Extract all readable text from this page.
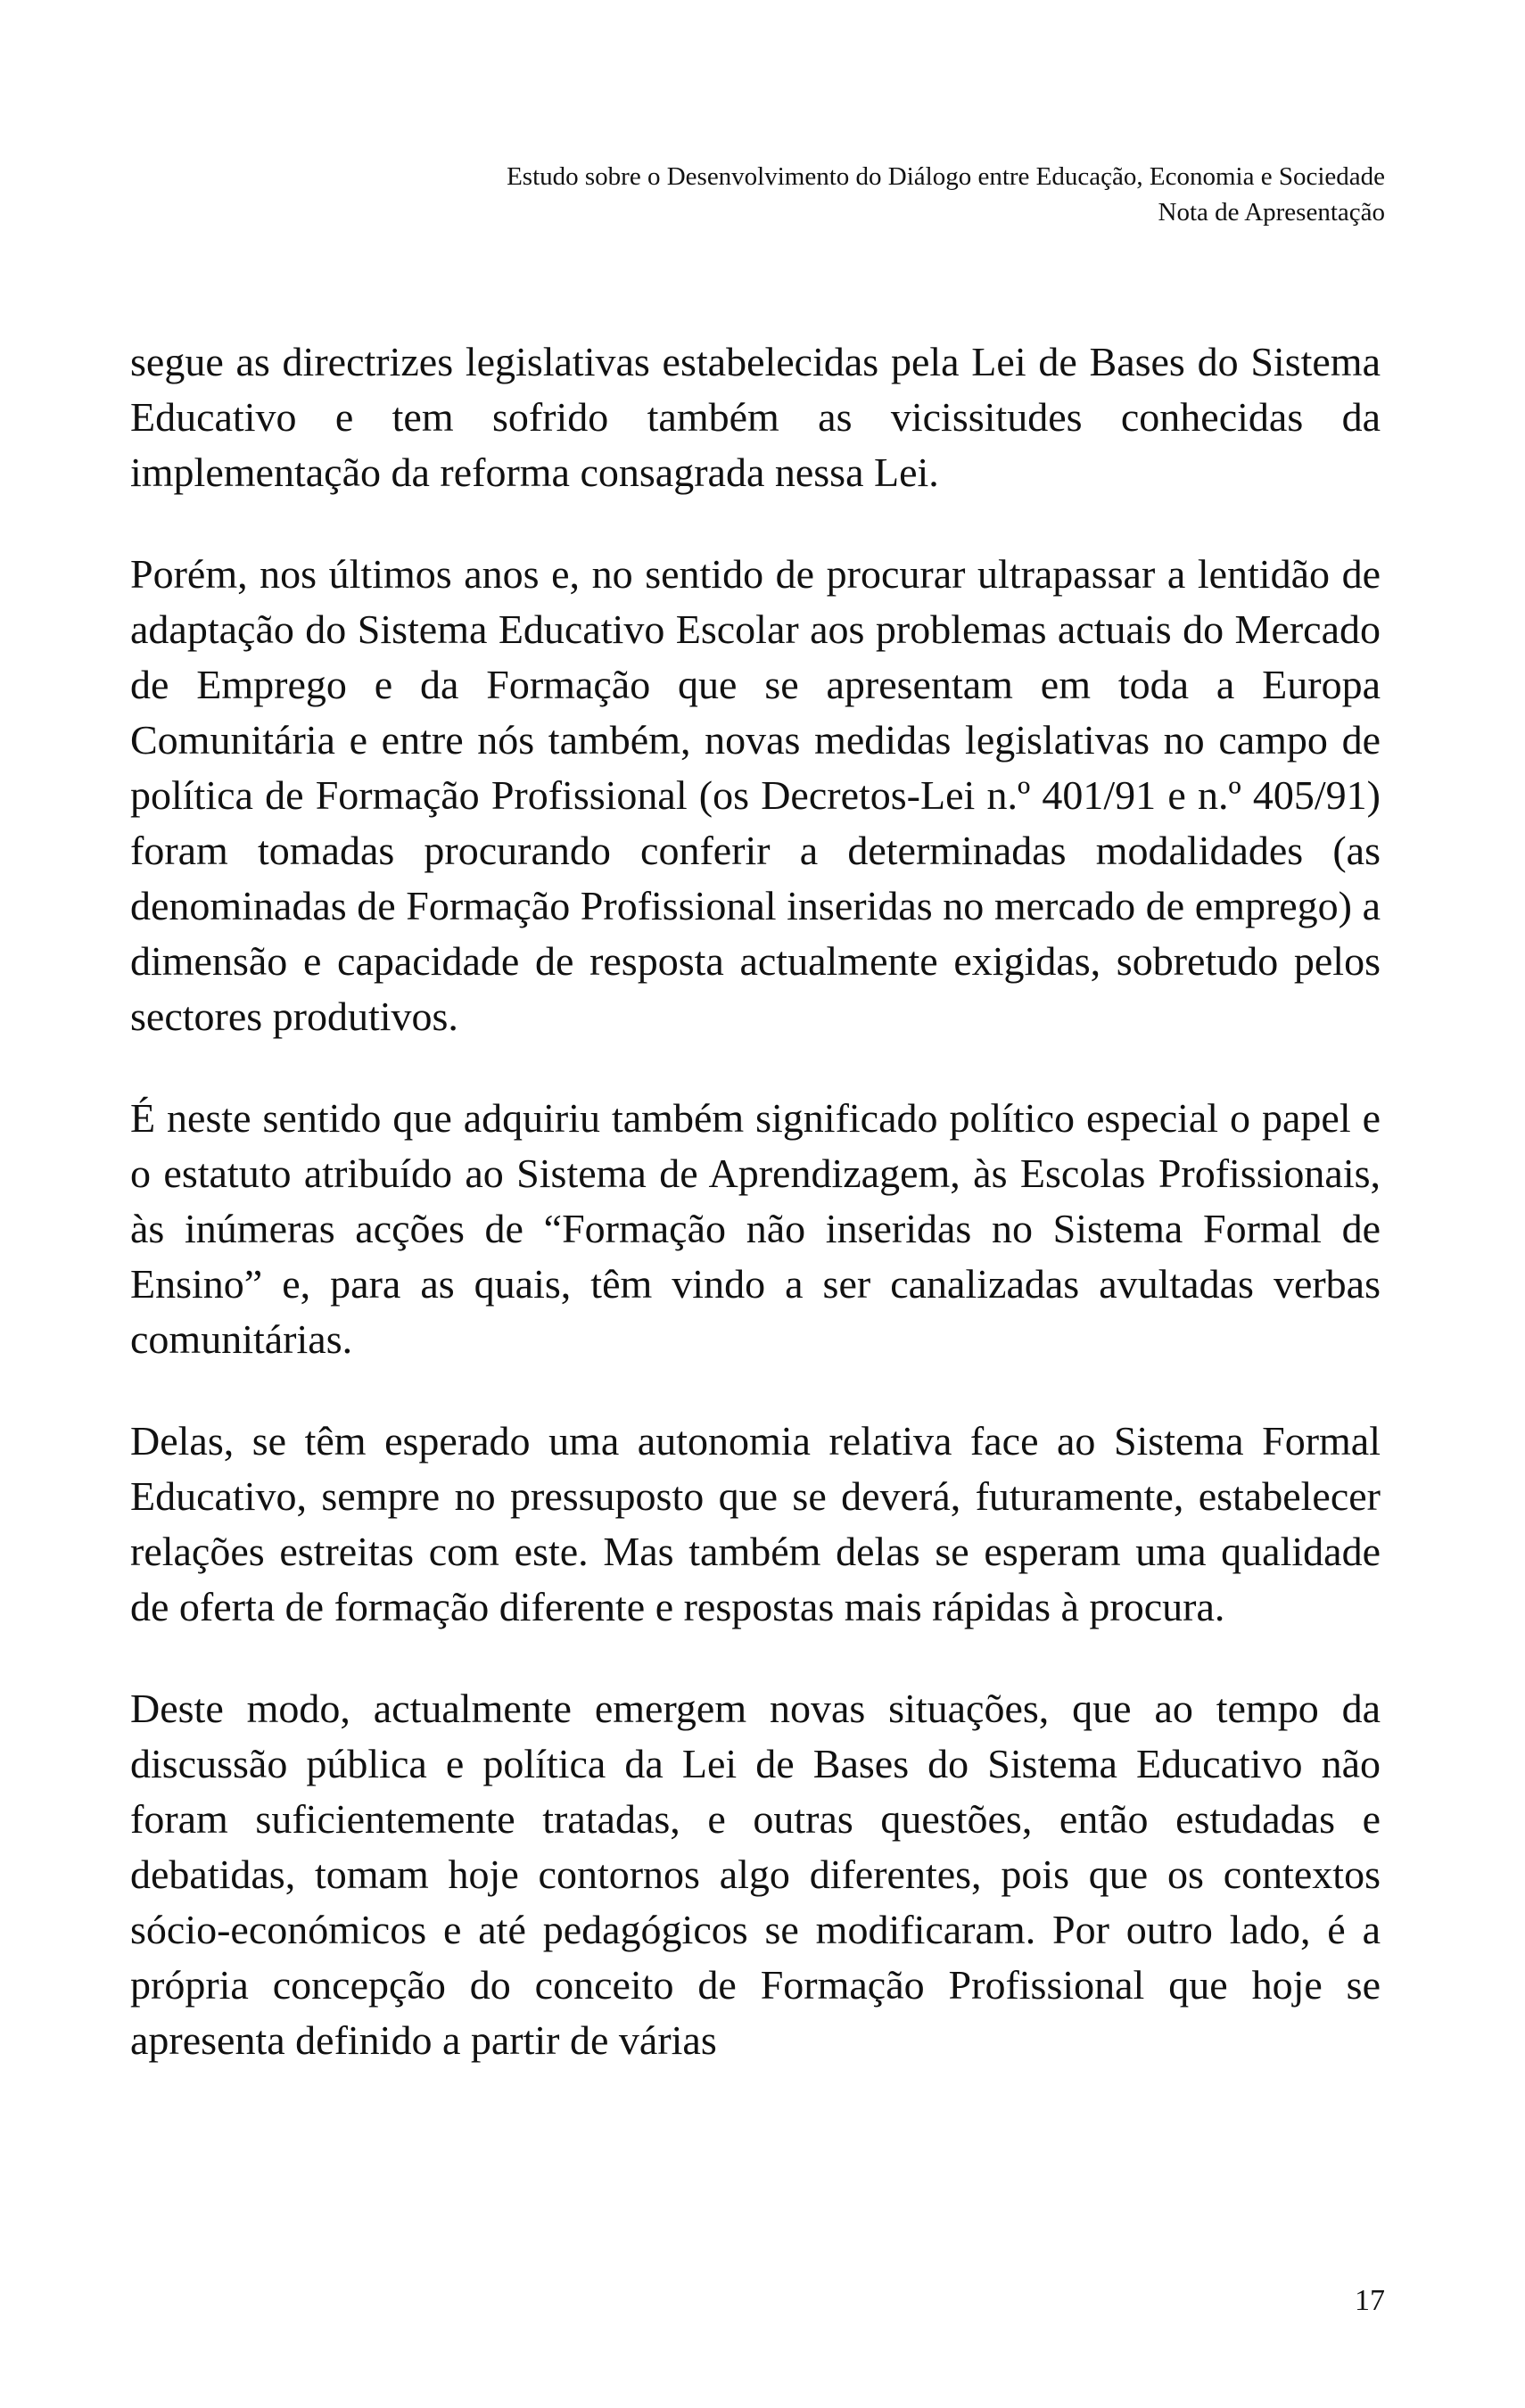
Estudo sobre o Desenvolvimento do Diálogo entre Educação, Economia e Sociedade
Nota de Apresentação

segue as directrizes legislativas estabelecidas pela Lei de Bases do Sistema Educativo e tem sofrido também as vicissitudes conhecidas da implementação da reforma consagrada nessa Lei.

Porém, nos últimos anos e, no sentido de procurar ultrapassar a lentidão de adaptação do Sistema Educativo Escolar aos problemas actuais do Mercado de Emprego e da Formação que se apresentam em toda a Europa Comunitária e entre nós também, novas medidas legislativas no campo de política de Formação Profissional (os Decretos-Lei n.º 401/91 e n.º 405/91) foram tomadas procurando conferir a determinadas modalidades (as denominadas de Formação Profissional inseridas no mercado de emprego) a dimensão e capacidade de resposta actualmente exigidas, sobretudo pelos sectores produtivos.

É neste sentido que adquiriu também significado político especial o papel e o estatuto atribuído ao Sistema de Aprendizagem, às Escolas Profissionais, às inúmeras acções de “Formação não inseridas no Sistema Formal de Ensino” e, para as quais, têm vindo a ser canalizadas avultadas verbas comunitárias.

Delas, se têm esperado uma autonomia relativa face ao Sistema Formal Educativo, sempre no pressuposto que se deverá, futuramente, estabelecer relações estreitas com este. Mas também delas se esperam uma qualidade de oferta de formação diferente e respostas mais rápidas à procura.

Deste modo, actualmente emergem novas situações, que ao tempo da discussão pública e política da Lei de Bases do Sistema Educativo não foram suficientemente tratadas, e outras questões, então estudadas e debatidas, tomam hoje contornos algo diferentes, pois que os contextos sócio-económicos e até pedagógicos se modificaram. Por outro lado, é a própria concepção do conceito de Formação Profissional que hoje se apresenta definido a partir de várias

17
